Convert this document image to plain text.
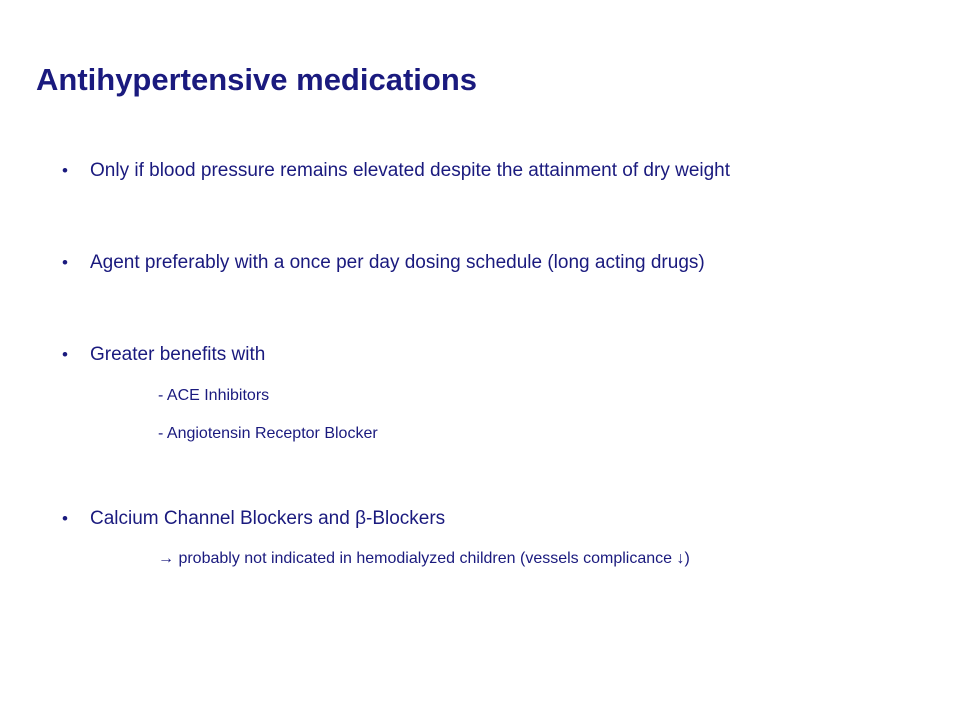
Antihypertensive medications
•	Only if blood pressure remains elevated despite the attainment of dry weight
•	Agent preferably with a once per day dosing schedule (long acting drugs)
•	Greater benefits with
- ACE Inhibitors
- Angiotensin Receptor Blocker
•	Calcium Channel Blockers and β-Blockers
→ probably not indicated in hemodialyzed children (vessels complicance ↓)
